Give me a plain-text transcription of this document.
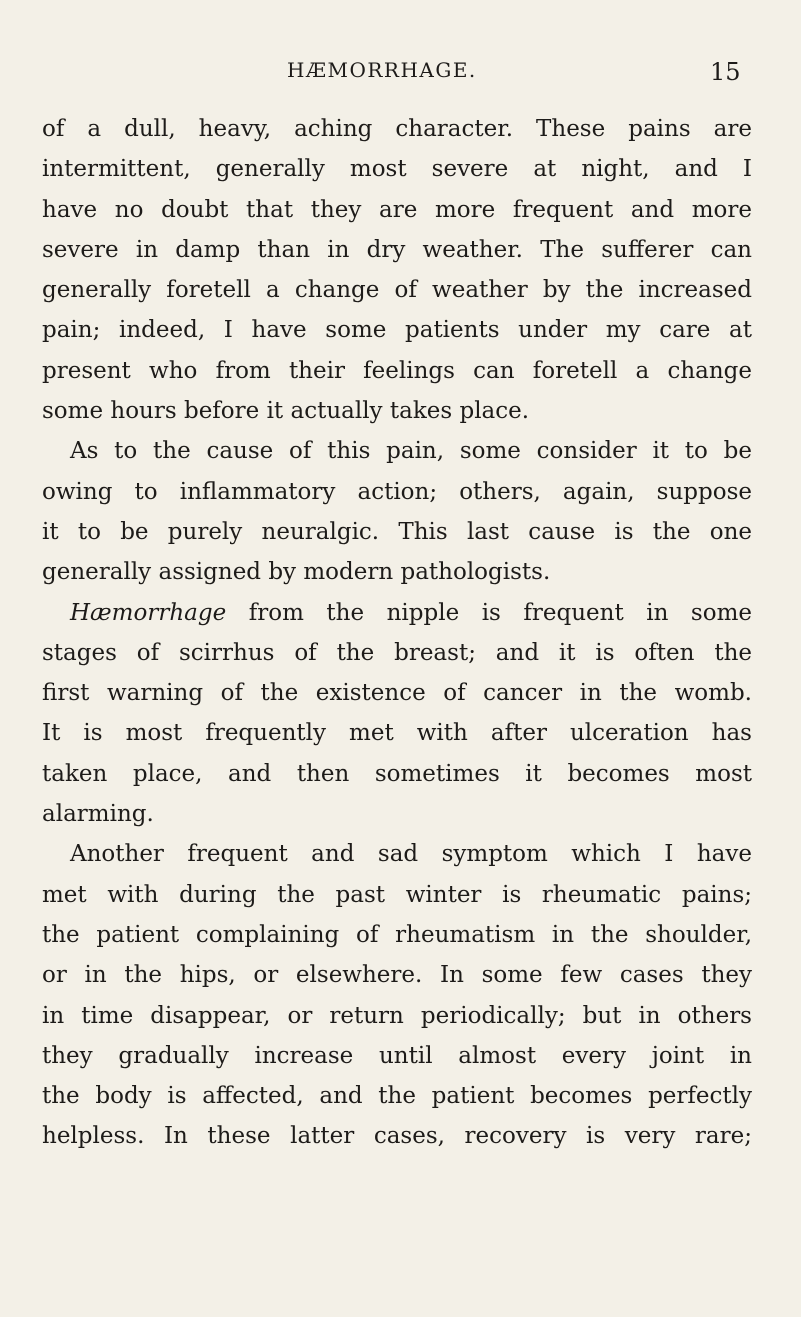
HÆMORRHAGE.	15
of a dull, heavy, aching character. These pains are
intermittent, generally most severe at night, and I
have no doubt that they are more frequent and more
severe in damp than in dry weather. The sufferer can
generally foretell a change of weather by the increased
pain; indeed, I have some patients under my care at
present who from their feelings can foretell a change
some hours before it actually takes place.
As to the cause of this pain, some consider it to be
owing to inflammatory action; others, again, suppose
it to be purely neuralgic. This last cause is the one
generally assigned by modern pathologists.
Hæmorrhage from the nipple is frequent in some
stages of scirrhus of the breast; and it is often the
first warning of the existence of cancer in the womb.
It is most frequently met with after ulceration has
taken place, and then sometimes it becomes most
alarming.
Another frequent and sad symptom which I have
met with during the past winter is rheumatic pains;
the patient complaining of rheumatism in the shoulder,
or in the hips, or elsewhere. In some few cases they
in time disappear, or return periodically; but in others
they gradually increase until almost every joint in
the body is affected, and the patient becomes perfectly
helpless. In these latter cases, recovery is very rare;
